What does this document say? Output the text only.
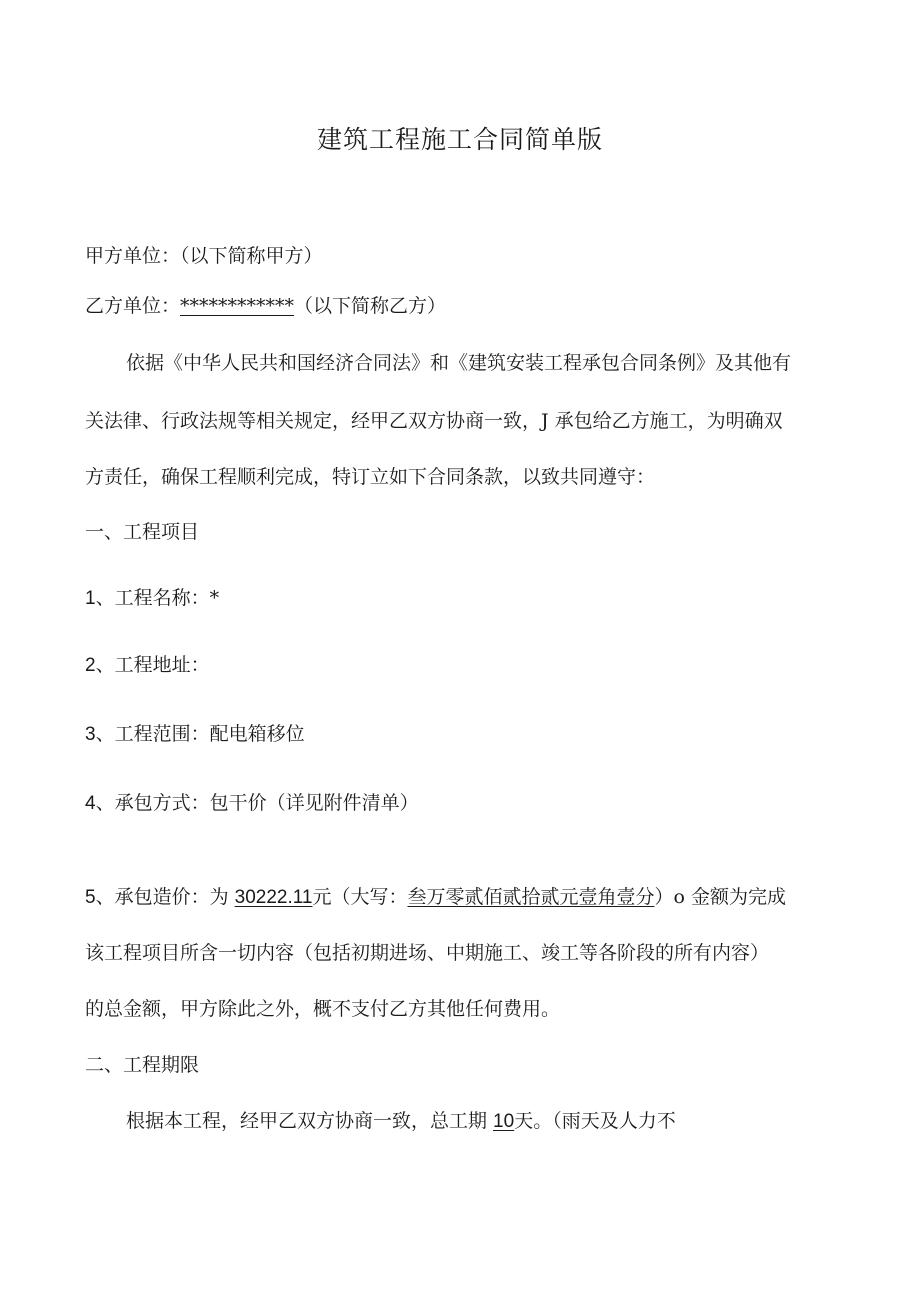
建筑工程施工合同简单版
甲方单位：（以下简称甲方）
乙方单位：************（以下简称乙方）
依据《中华人民共和国经济合同法》和《建筑安装工程承包合同条例》及其他有
关法律、行政法规等相关规定，经甲乙双方协商一致，J 承包给乙方施工，为明确双
方责任，确保工程顺利完成，特订立如下合同条款，以致共同遵守：
一、工程项目
1、工程名称：*
2、工程地址：
3、工程范围：配电箱移位
4、承包方式：包干价（详见附件清单）
5、承包造价：为 30222.11元（大写：叁万零贰佰贰拾贰元壹角壹分）o 金额为完成
该工程项目所含一切内容（包括初期进场、中期施工、竣工等各阶段的所有内容）
的总金额，甲方除此之外，概不支付乙方其他任何费用。
二、工程期限
根据本工程，经甲乙双方协商一致，总工期 10天。（雨天及人力不
